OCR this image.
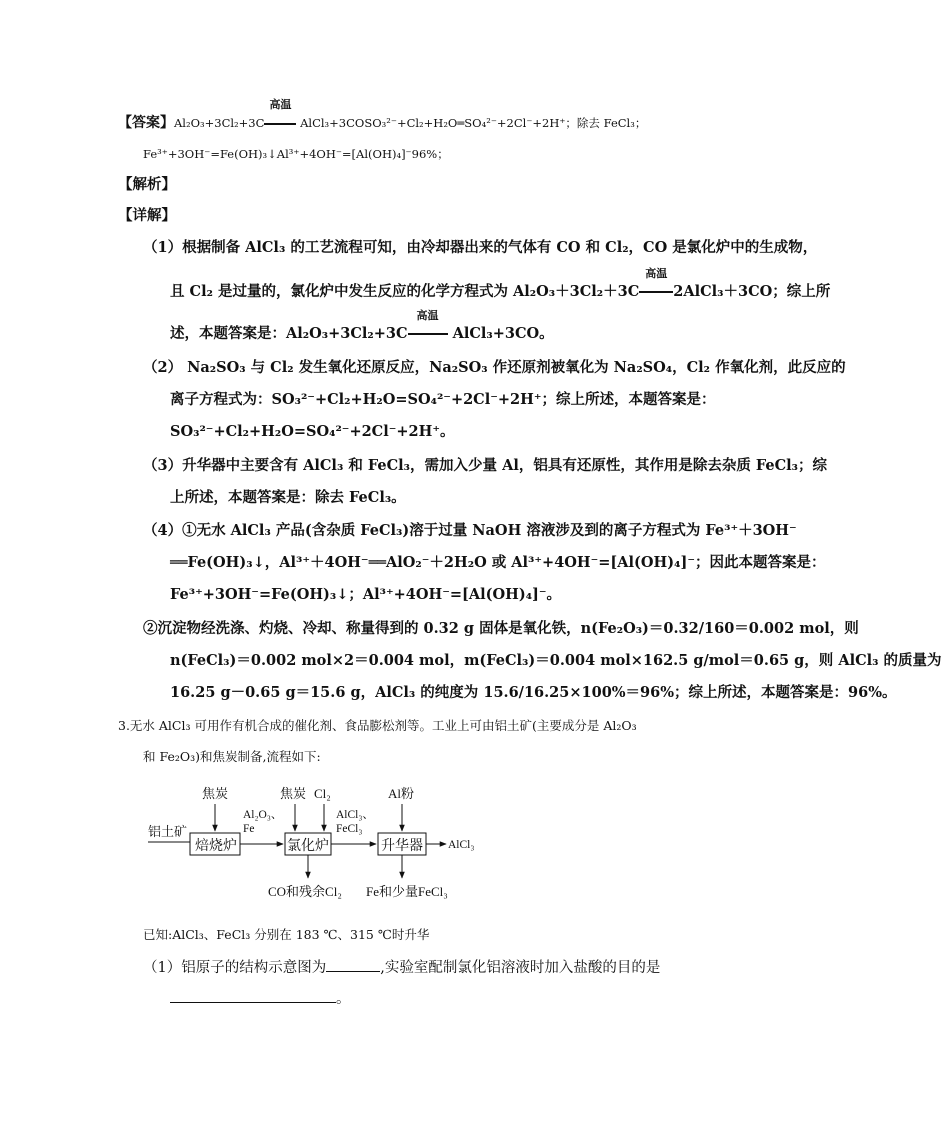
【答案】Al₂O₃+3Cl₂+3C
高温
AlCl₃+3COSO₃²⁻+Cl₂+H₂O═SO₄²⁻+2Cl⁻+2H⁺；除去 FeCl₃；
Fe³⁺+3OH⁻=Fe(OH)₃↓Al³⁺+4OH⁻=[Al(OH)₄]⁻96%；
【解析】
【详解】
（1）根据制备 AlCl₃ 的工艺流程可知，由冷却器出来的气体有 CO 和 Cl₂，CO 是氯化炉中的生成物，
且 Cl₂ 是过量的，氯化炉中发生反应的化学方程式为 Al₂O₃＋3Cl₂＋3C
高温
2AlCl₃＋3CO；综上所
述，本题答案是：Al₂O₃+3Cl₂+3C
高温
AlCl₃+3CO。
（2） Na₂SO₃ 与 Cl₂ 发生氧化还原反应，Na₂SO₃ 作还原剂被氧化为 Na₂SO₄，Cl₂ 作氧化剂，此反应的
离子方程式为：SO₃²⁻+Cl₂+H₂O=SO₄²⁻+2Cl⁻+2H⁺；综上所述，本题答案是：
SO₃²⁻+Cl₂+H₂O=SO₄²⁻+2Cl⁻+2H⁺。
（3）升华器中主要含有 AlCl₃ 和 FeCl₃，需加入少量 Al，铝具有还原性，其作用是除去杂质 FeCl₃；综
上所述，本题答案是：除去 FeCl₃。
（4）①无水 AlCl₃ 产品(含杂质 FeCl₃)溶于过量 NaOH 溶液涉及到的离子方程式为 Fe³⁺＋3OH⁻
══Fe(OH)₃↓，Al³⁺＋4OH⁻══AlO₂⁻＋2H₂O 或 Al³⁺+4OH⁻=[Al(OH)₄]⁻；因此本题答案是：
Fe³⁺+3OH⁻=Fe(OH)₃↓；Al³⁺+4OH⁻=[Al(OH)₄]⁻。
②沉淀物经洗涤、灼烧、冷却、称量得到的 0.32 g 固体是氧化铁，n(Fe₂O₃)＝0.32/160＝0.002 mol，则
n(FeCl₃)＝0.002 mol×2＝0.004 mol，m(FeCl₃)＝0.004 mol×162.5 g/mol＝0.65 g，则 AlCl₃ 的质量为
16.25 g－0.65 g＝15.6 g，AlCl₃ 的纯度为 15.6/16.25×100%＝96%；综上所述，本题答案是：96%。
3.无水 AlCl₃ 可用作有机合成的催化剂、食品膨松剂等。工业上可由铝土矿(主要成分是 Al₂O₃
和 Fe₂O₃)和焦炭制备,流程如下:
铝土矿
焙烧炉	氯化炉	升华器
焦炭	焦炭 Cl₂	Al粉
Al₂O₃、
Fe
AlCl₃、
FeCl₃
AlCl₃
CO和残余Cl₂ Fe和少量FeCl₃
已知:AlCl₃、FeCl₃ 分别在 183 ℃、315 ℃时升华
（1）铝原子的结构示意图为	,实验室配制氯化铝溶液时加入盐酸的目的是
。
